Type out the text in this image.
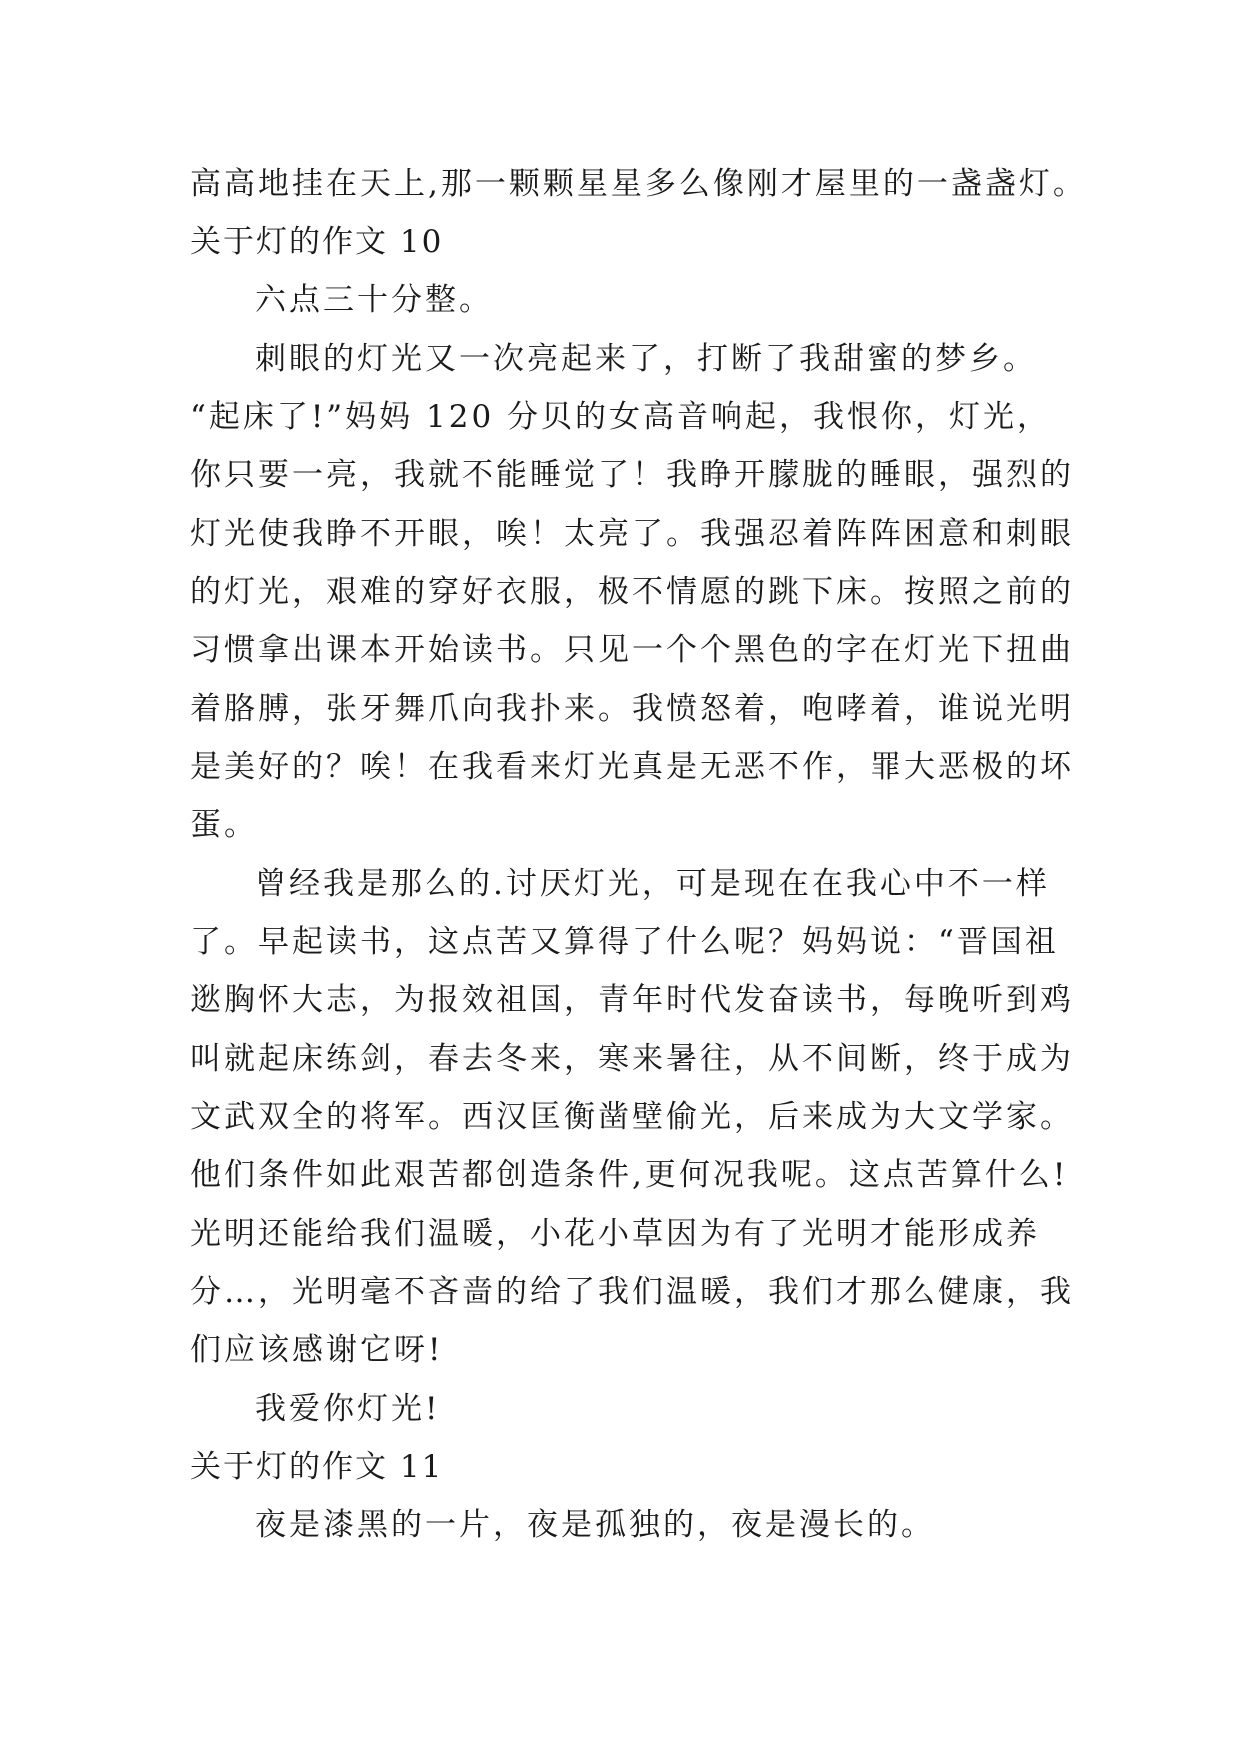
高高地挂在天上,那一颗颗星星多么像刚才屋里的一盏盏灯。
关于灯的作文 10
六点三十分整。
刺眼的灯光又一次亮起来了，打断了我甜蜜的梦乡。
“起床了!”妈妈 120 分贝的女高音响起，我恨你，灯光，
你只要一亮，我就不能睡觉了！我睁开朦胧的睡眼，强烈的
灯光使我睁不开眼，唉！太亮了。我强忍着阵阵困意和刺眼
的灯光，艰难的穿好衣服，极不情愿的跳下床。按照之前的
习惯拿出课本开始读书。只见一个个黑色的字在灯光下扭曲
着胳膊，张牙舞爪向我扑来。我愤怒着，咆哮着，谁说光明
是美好的？唉！在我看来灯光真是无恶不作，罪大恶极的坏
蛋。
曾经我是那么的.讨厌灯光，可是现在在我心中不一样
了。早起读书，这点苦又算得了什么呢？妈妈说：“晋国祖
逖胸怀大志，为报效祖国，青年时代发奋读书，每晚听到鸡
叫就起床练剑，春去冬来，寒来暑往，从不间断，终于成为
文武双全的将军。西汉匡衡凿壁偷光，后来成为大文学家。
他们条件如此艰苦都创造条件,更何况我呢。这点苦算什么!
光明还能给我们温暖，小花小草因为有了光明才能形成养
分…，光明毫不吝啬的给了我们温暖，我们才那么健康，我
们应该感谢它呀!
我爱你灯光!
关于灯的作文 11
夜是漆黑的一片，夜是孤独的，夜是漫长的。
